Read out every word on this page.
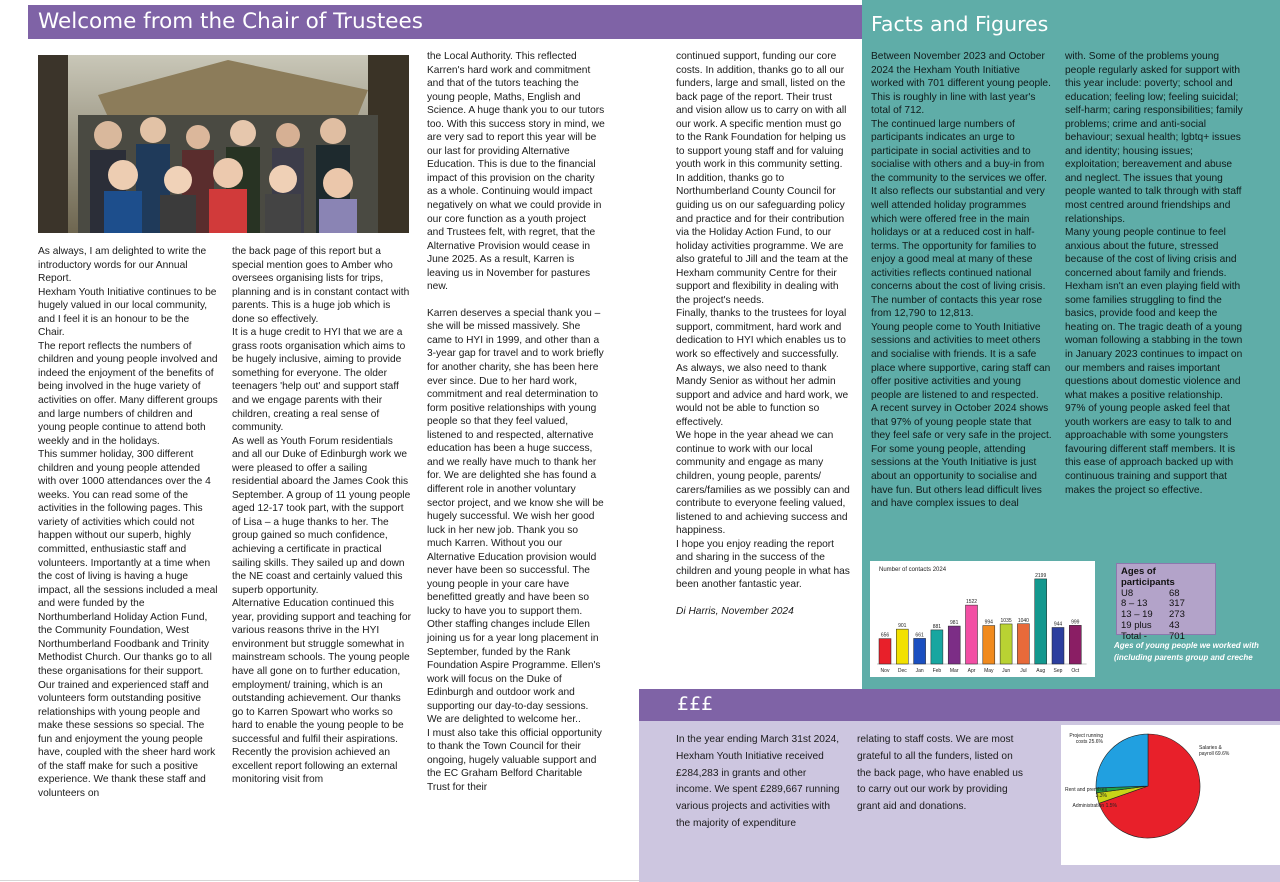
Welcome from the Chair of Trustees

As always, I am delighted to write the introductory words for our Annual Report.

Hexham Youth Initiative continues to be hugely valued in our local community, and I feel it is an honour to be the Chair.

The report reflects the numbers of children and young people involved and indeed the enjoyment of the benefits of being involved in the huge variety of activities on offer. Many different groups and large numbers of children and young people continue to attend both weekly and in the holidays.

This summer holiday, 300 different children and young people attended with over 1000 attendances over the 4 weeks. You can read some of the activities in the following pages. This variety of activities which could not happen without our superb, highly committed, enthusiastic staff and volunteers. Importantly at a time when the cost of living is having a huge impact, all the sessions included a meal and were funded by the Northumberland Holiday Action Fund, the Community Foundation, West Northumberland Foodbank and Trinity Methodist Church. Our thanks go to all these organisations for their support.

Our trained and experienced staff and volunteers form outstanding positive relationships with young people and make these sessions so special. The fun and enjoyment the young people have, coupled with the sheer hard work of the staff make for such a positive experience. We thank these staff and volunteers on

the back page of this report but a special mention goes to Amber who oversees organising lists for trips, planning and is in constant contact with parents. This is a huge job which is done so effectively.

It is a huge credit to HYI that we are a grass roots organisation which aims to be hugely inclusive, aiming to provide something for everyone. The older teenagers 'help out' and support staff and we engage parents with their children, creating a real sense of community.

As well as Youth Forum residentials and all our Duke of Edinburgh work we were pleased to offer a sailing residential aboard the James Cook this September. A group of 11 young people aged 12-17 took part, with the support of Lisa – a huge thanks to her. The group gained so much confidence, achieving a certificate in practical sailing skills. They sailed up and down the NE coast and certainly valued this superb opportunity.

Alternative Education continued this year, providing support and teaching for various reasons thrive in the HYI environment but struggle somewhat in mainstream schools. The young people have all gone on to further education, employment/ training, which is an outstanding achievement. Our thanks go to Karren Spowart who works so hard to enable the young people to be successful and fulfil their aspirations. Recently the provision achieved an excellent report following an external monitoring visit from

the Local Authority. This reflected Karren's hard work and commitment and that of the tutors teaching the young people, Maths, English and Science. A huge thank you to our tutors too. With this success story in mind, we are very sad to report this year will be our last for providing Alternative Education. This is due to the financial impact of this provision on the charity as a whole. Continuing would impact negatively on what we could provide in our core function as a youth project and Trustees felt, with regret, that the Alternative Provision would cease in June 2025. As a result, Karren is leaving us in November for pastures new.

Karren deserves a special thank you – she will be missed massively. She came to HYI in 1999, and other than a 3-year gap for travel and to work briefly for another charity, she has been here ever since. Due to her hard work, commitment and real determination to form positive relationships with young people so that they feel valued, listened to and respected, alternative education has been a huge success, and we really have much to thank her for. We are delighted she has found a different role in another voluntary sector project, and we know she will be hugely successful. We wish her good luck in her new job. Thank you so much Karren. Without you our Alternative Education provision would never have been so successful. The young people in your care have benefitted greatly and have been so lucky to have you to support them.

Other staffing changes include Ellen joining us for a year long placement in September, funded by the Rank Foundation Aspire Programme. Ellen's work will focus on the Duke of Edinburgh and outdoor work and supporting our day-to-day sessions. We are delighted to welcome her..

I must also take this official opportunity to thank the Town Council for their ongoing, hugely valuable support and the EC Graham Belford Charitable Trust for their

continued support, funding our core costs. In addition, thanks go to all our funders, large and small, listed on the back page of the report. Their trust and vision allow us to carry on with all our work. A specific mention must go to the Rank Foundation for helping us to support young staff and for valuing youth work in this community setting. In addition, thanks go to Northumberland County Council for guiding us on our safeguarding policy and practice and for their contribution via the Holiday Action Fund, to our holiday activities programme. We are also grateful to Jill and the team at the Hexham community Centre for their support and flexibility in dealing with the project's needs.

Finally, thanks to the trustees for loyal support, commitment, hard work and dedication to HYI which enables us to work so effectively and successfully. As always, we also need to thank Mandy Senior as without her admin support and advice and hard work, we would not be able to function so effectively.

We hope in the year ahead we can continue to work with our local community and engage as many children, young people, parents/ carers/families as we possibly can and contribute to everyone feeling valued, listened to and achieving success and happiness.

I hope you enjoy reading the report and sharing in the success of the children and young people in what has been another fantastic year.

Di Harris, November 2024

Facts and Figures

Between November 2023 and October 2024 the Hexham Youth Initiative worked with 701 different young people. This is roughly in line with last year's total of 712.

The continued large numbers of participants indicates an urge to participate in social activities and to socialise with others and a buy-in from the community to the services we offer. It also reflects our substantial and very well attended holiday programmes which were offered free in the main holidays or at a reduced cost in half-terms. The opportunity for families to enjoy a good meal at many of these activities reflects continued national concerns about the cost of living crisis.

The number of contacts this year rose from 12,790 to 12,813.

Young people come to Youth Initiative sessions and activities to meet others and socialise with friends. It is a safe place where supportive, caring staff can offer positive activities and young people are listened to and respected.

A recent survey in October 2024 shows that 97% of young people state that they feel safe or very safe in the project.

For some young people, attending sessions at the Youth Initiative is just about an opportunity to socialise and have fun. But others lead difficult lives and have complex issues to deal

with. Some of the problems young people regularly asked for support with this year include: poverty; school and education; feeling low; feeling suicidal; self-harm; caring responsibilities; family problems; crime and anti-social behaviour; sexual health; lgbtq+ issues and identity; housing issues; exploitation; bereavement and abuse and neglect. The issues that young people wanted to talk through with staff most centred around friendships and relationships.

Many young people continue to feel anxious about the future, stressed because of the cost of living crisis and concerned about family and friends. Hexham isn't an even playing field with some families struggling to find the basics, provide food and keep the heating on. The tragic death of a young woman following a stabbing in the town in January 2023 continues to impact on our members and raises important questions about domestic violence and what makes a positive relationship.

97% of young people asked feel that youth workers are easy to talk to and approachable with some youngsters favouring different staff members. It is this ease of approach backed up with continuous training and support that makes the project so effective.

Number of contacts 2024
656
Nov
901
Dec
661
Jan
881
Feb
981
Mar
1522
Apr
994
May
1035
Jun
1040
Jul
2199
Aug
944
Sep
999
Oct
Ages of participants
U8	68
8 – 13	317
13 – 19	273
19 plus	43
Total -	701
Ages of young people we worked with (including parents group and creche
£££
In the year ending March 31st 2024, Hexham Youth Initiative received £284,283 in grants and other income. We spent £289,667 running various projects and activities with the majority of expenditure
relating to staff costs. We are most grateful to all the funders, listed on the back page, who have enabled us to carry out our work by providing grant aid and donations.
Salaries & payroll 69.6%
Rent and premises 3.3%
Administration 1.5%
Project running costs 25.6%
